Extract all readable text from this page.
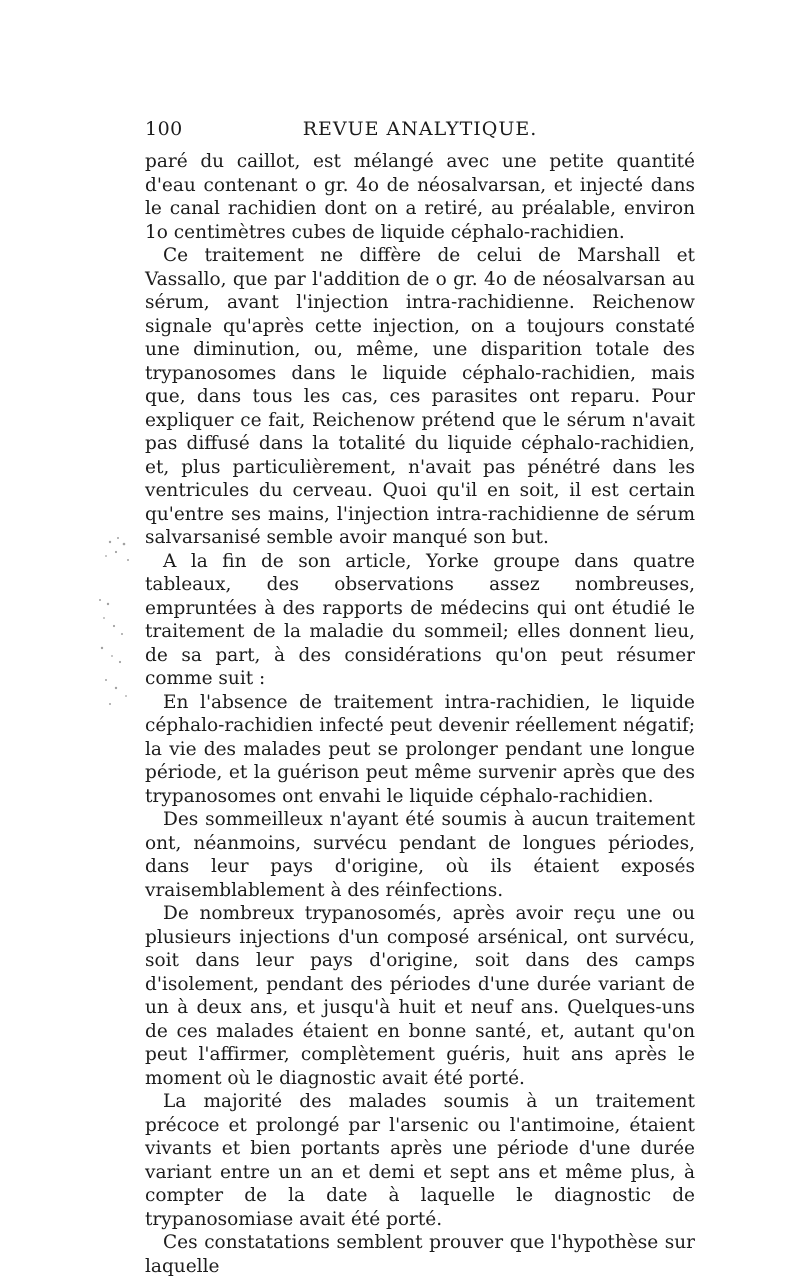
100	REVUE ANALYTIQUE.

paré du caillot, est mélangé avec une petite quantité d'eau contenant o gr. 4o de néosalvarsan, et injecté dans le canal rachidien dont on a retiré, au préalable, environ 1o centimètres cubes de liquide céphalo-rachidien.

Ce traitement ne diffère de celui de Marshall et Vassallo, que par l'addition de o gr. 4o de néosalvarsan au sérum, avant l'injection intra-rachidienne. Reichenow signale qu'après cette injection, on a toujours constaté une diminution, ou, même, une disparition totale des trypanosomes dans le liquide céphalo-rachidien, mais que, dans tous les cas, ces parasites ont reparu. Pour expliquer ce fait, Reichenow prétend que le sérum n'avait pas diffusé dans la totalité du liquide céphalo-rachidien, et, plus particulièrement, n'avait pas pénétré dans les ventricules du cerveau. Quoi qu'il en soit, il est certain qu'entre ses mains, l'injection intra-rachidienne de sérum salvarsanisé semble avoir manqué son but.

A la fin de son article, Yorke groupe dans quatre tableaux, des observations assez nombreuses, empruntées à des rapports de médecins qui ont étudié le traitement de la maladie du sommeil; elles donnent lieu, de sa part, à des considérations qu'on peut résumer comme suit :

En l'absence de traitement intra-rachidien, le liquide céphalo-rachidien infecté peut devenir réellement négatif; la vie des malades peut se prolonger pendant une longue période, et la guérison peut même survenir après que des trypanosomes ont envahi le liquide céphalo-rachidien.

Des sommeilleux n'ayant été soumis à aucun traitement ont, néanmoins, survécu pendant de longues périodes, dans leur pays d'origine, où ils étaient exposés vraisemblablement à des réinfections.

De nombreux trypanosomés, après avoir reçu une ou plusieurs injections d'un composé arsénical, ont survécu, soit dans leur pays d'origine, soit dans des camps d'isolement, pendant des périodes d'une durée variant de un à deux ans, et jusqu'à huit et neuf ans. Quelques-uns de ces malades étaient en bonne santé, et, autant qu'on peut l'affirmer, complètement guéris, huit ans après le moment où le diagnostic avait été porté.

La majorité des malades soumis à un traitement précoce et prolongé par l'arsenic ou l'antimoine, étaient vivants et bien portants après une période d'une durée variant entre un an et demi et sept ans et même plus, à compter de la date à laquelle le diagnostic de trypanosomiase avait été porté.

Ces constatations semblent prouver que l'hypothèse sur laquelle
